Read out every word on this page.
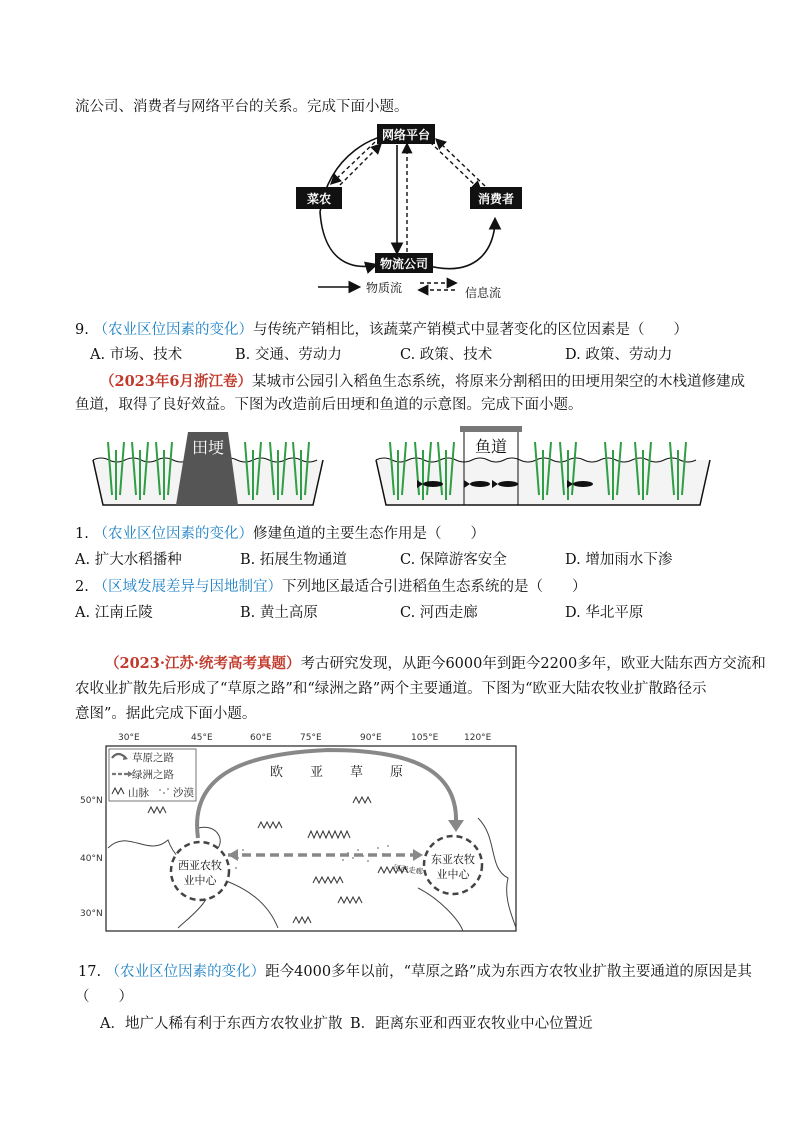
流公司、消费者与网络平台的关系。完成下面小题。
网络平台
菜农	消费者
物流公司
物质流	信息流
9. （农业区位因素的变化）与传统产销相比，该蔬菜产销模式中显著变化的区位因素是（　　）
A. 市场、技术	B. 交通、劳动力	C. 政策、技术	D. 政策、劳动力
（2023年6月浙江卷）某城市公园引入稻鱼生态系统，将原来分割稻田的田埂用架空的木栈道修建成
鱼道，取得了良好效益。下图为改造前后田埂和鱼道的示意图。完成下面小题。
田埂	鱼道
1. （农业区位因素的变化）修建鱼道的主要生态作用是（　　）
A. 扩大水稻播种	B. 拓展生物通道	C. 保障游客安全	D. 增加雨水下渗
2. （区域发展差异与因地制宜）下列地区最适合引进稻鱼生态系统的是（　　）
A. 江南丘陵	B. 黄土高原	C. 河西走廊	D. 华北平原
（2023·江苏·统考高考真题）考古研究发现，从距今6000年到距今2200多年，欧亚大陆东西方交流和
农收业扩散先后形成了“草原之路”和“绿洲之路”两个主要通道。下图为“欧亚大陆农牧业扩散路径示
意图”。据此完成下面小题。
30°E	45°E	60°E	75°E	90°E	105°E	120°E
50°N
40°N
30°N
草原之路
绿洲之路
山脉 沙漠
欧 亚 草 原
西亚农牧
业中心
东亚农牧
业中心
河西走廊
17. （农业区位因素的变化）距今4000多年以前，“草原之路”成为东西方农牧业扩散主要通道的原因是其
（　　）
A．地广人稀有利于东西方农牧业扩散 B．距离东亚和西亚农牧业中心位置近
